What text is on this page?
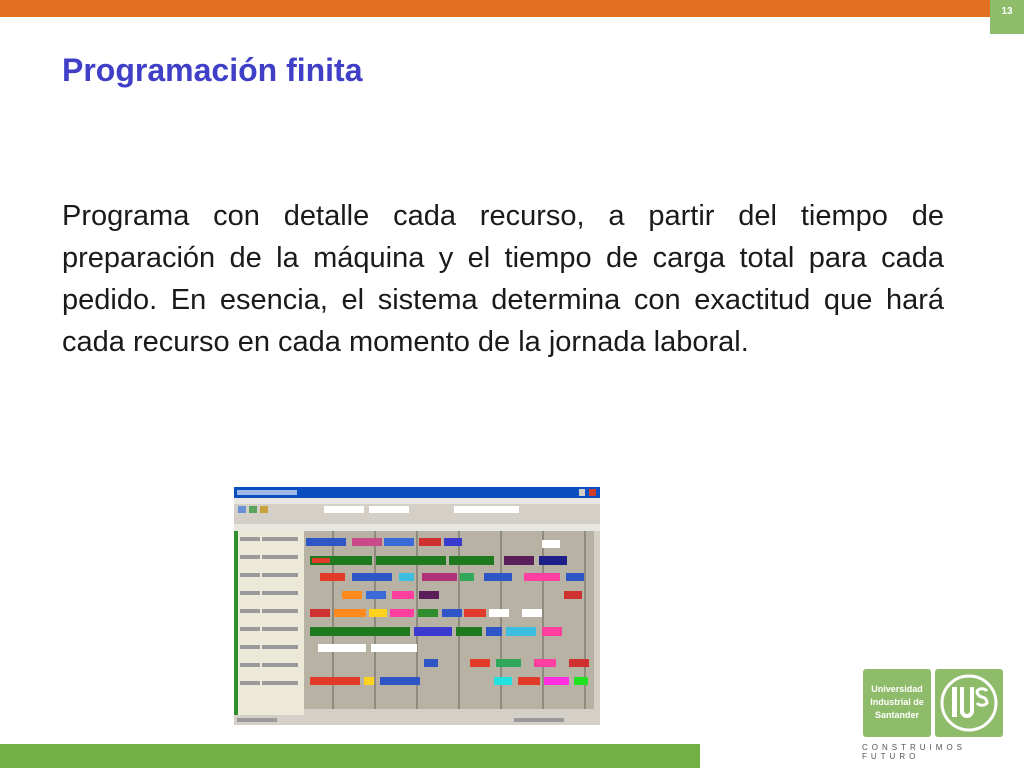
13
Programación finita

Programa con detalle cada recurso, a partir del tiempo de preparación de la máquina y el tiempo de carga total para cada pedido. En esencia, el sistema determina con exactitud que hará cada recurso en cada momento de la jornada laboral.

Universidad
Industrial de
Santander
CONSTRUIMOS FUTURO
